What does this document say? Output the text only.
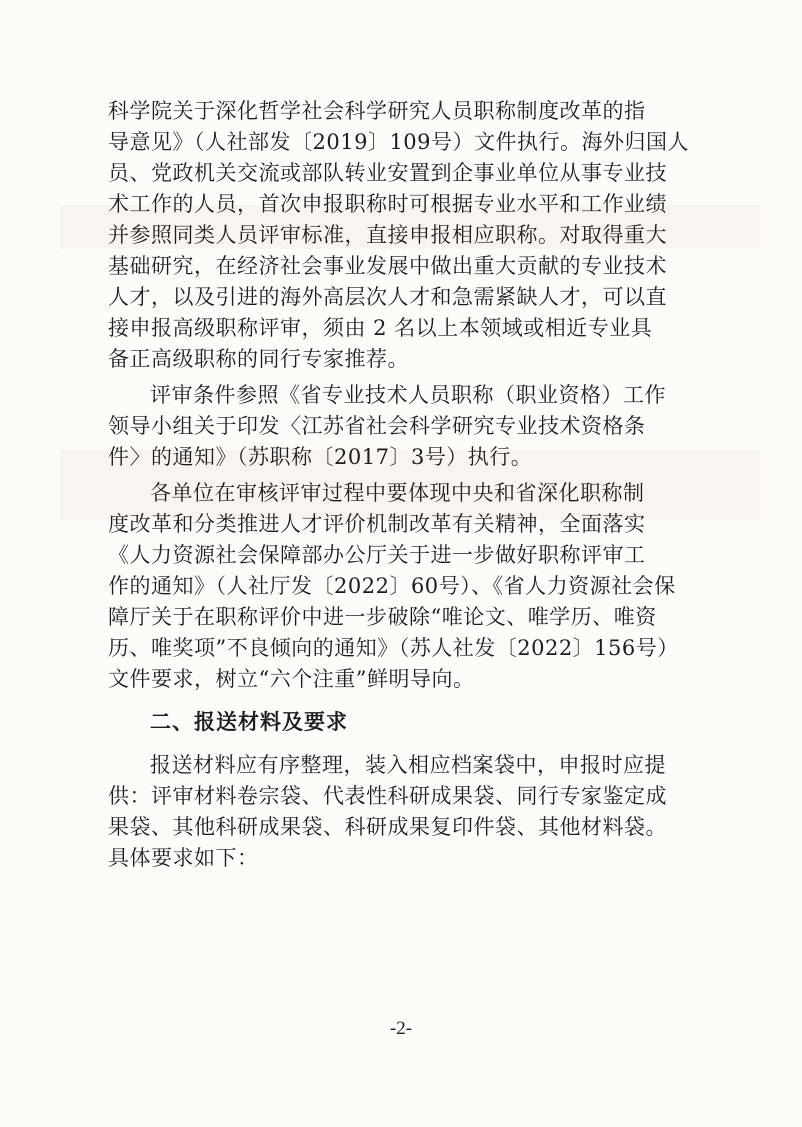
科学院关于深化哲学社会科学研究人员职称制度改革的指
导意见》（人社部发〔2019〕109号）文件执行。海外归国人
员、党政机关交流或部队转业安置到企事业单位从事专业技
术工作的人员，首次申报职称时可根据专业水平和工作业绩
并参照同类人员评审标准，直接申报相应职称。对取得重大
基础研究，在经济社会事业发展中做出重大贡献的专业技术
人才，以及引进的海外高层次人才和急需紧缺人才，可以直
接申报高级职称评审，须由 2 名以上本领域或相近专业具
备正高级职称的同行专家推荐。

评审条件参照《省专业技术人员职称（职业资格）工作
领导小组关于印发〈江苏省社会科学研究专业技术资格条
件〉的通知》（苏职称〔2017〕3号）执行。

各单位在审核评审过程中要体现中央和省深化职称制
度改革和分类推进人才评价机制改革有关精神，全面落实
《人力资源社会保障部办公厅关于进一步做好职称评审工
作的通知》（人社厅发〔2022〕60号）、《省人力资源社会保
障厅关于在职称评价中进一步破除“唯论文、唯学历、唯资
历、唯奖项”不良倾向的通知》（苏人社发〔2022〕156号）
文件要求，树立“六个注重”鲜明导向。

二、报送材料及要求

报送材料应有序整理，装入相应档案袋中，申报时应提
供：评审材料卷宗袋、代表性科研成果袋、同行专家鉴定成
果袋、其他科研成果袋、科研成果复印件袋、其他材料袋。
具体要求如下：

-2-
